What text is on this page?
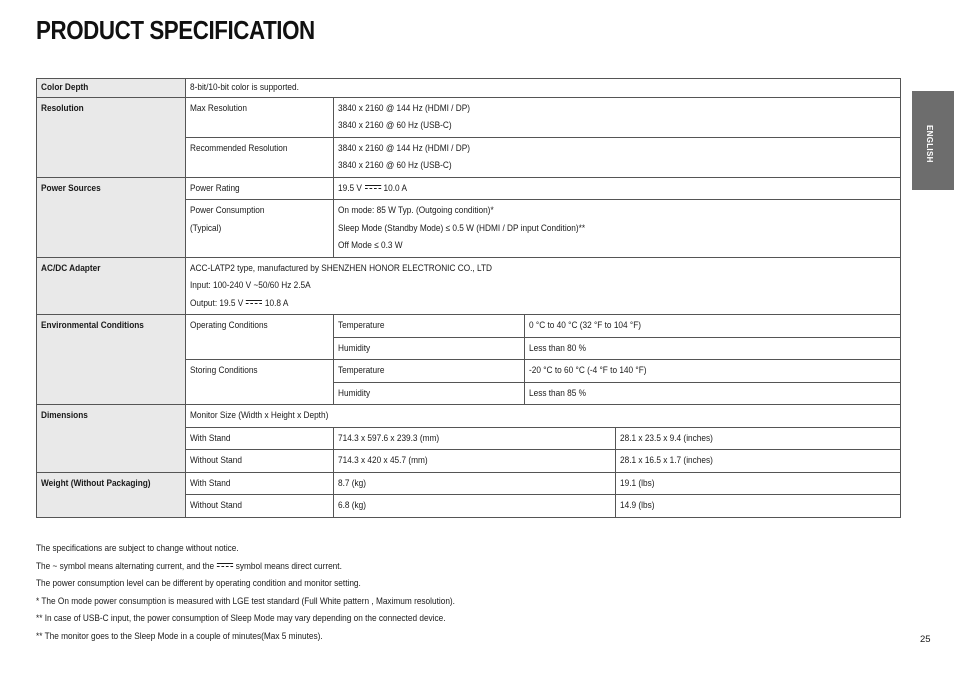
PRODUCT SPECIFICATION
ENGLISH
Color Depth	8-bit/10-bit color is supported.			

Resolution	Max Resolution	3840 x 2160 @ 144 Hz (HDMI / DP)
3840 x 2160 @ 60 Hz (USB-C)		

	Recommended Resolution	3840 x 2160 @ 144 Hz (HDMI / DP)
3840 x 2160 @ 60 Hz (USB-C)		

Power Sources	Power Rating	19.5 V 10.0 A		

	Power Consumption
(Typical)	On mode: 85 W Typ. (Outgoing condition)*
Sleep Mode (Standby Mode) ≤ 0.5 W (HDMI / DP input Condition)**
Off Mode ≤ 0.3 W		

AC/DC Adapter	ACC-LATP2 type, manufactured by SHENZHEN HONOR ELECTRONIC CO., LTD
Input: 100-240 V ~50/60 Hz 2.5A
Output: 19.5 V 10.8 A			

Environmental Conditions	Operating Conditions	Temperature	0 °C to 40 °C (32 °F to 104 °F)	

		Humidity	Less than 80 %	

	Storing Conditions	Temperature	-20 °C to 60 °C (-4 °F to 140 °F)	

		Humidity	Less than 85 %	

Dimensions	Monitor Size (Width x Height x Depth)			

	With Stand	714.3 x 597.6 x 239.3 (mm)		28.1 x 23.5 x 9.4 (inches)

	Without Stand	714.3 x 420 x 45.7 (mm)		28.1 x 16.5 x 1.7 (inches)

Weight (Without Packaging)	With Stand	8.7 (kg)		19.1 (lbs)

	Without Stand	6.8 (kg)		14.9 (lbs)
The specifications are subject to change without notice.
The ~ symbol means alternating current, and the symbol means direct current.
The power consumption level can be different by operating condition and monitor setting.
* The On mode power consumption is measured with LGE test standard (Full White pattern , Maximum resolution).
** In case of USB-C input, the power consumption of Sleep Mode may vary depending on the connected device.
** The monitor goes to the Sleep Mode in a couple of minutes(Max 5 minutes).	25
